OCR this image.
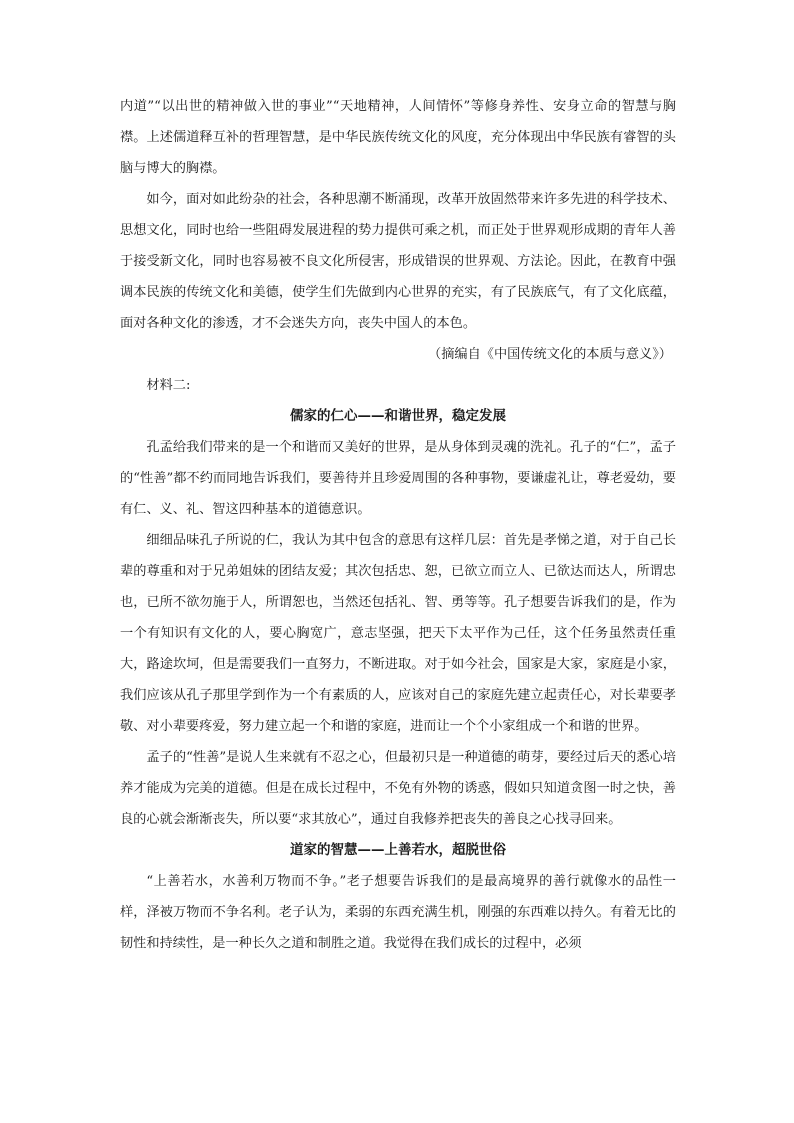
内道”“以出世的精神做入世的事业”“天地精神，人间情怀”等修身养性、安身立命的智慧与胸襟。上述儒道释互补的哲理智慧，是中华民族传统文化的风度，充分体现出中华民族有睿智的头脑与博大的胸襟。

如今，面对如此纷杂的社会，各种思潮不断涌现，改革开放固然带来许多先进的科学技术、思想文化，同时也给一些阻碍发展进程的势力提供可乘之机，而正处于世界观形成期的青年人善于接受新文化，同时也容易被不良文化所侵害，形成错误的世界观、方法论。因此，在教育中强调本民族的传统文化和美德，使学生们先做到内心世界的充实，有了民族底气，有了文化底蕴，面对各种文化的渗透，才不会迷失方向，丧失中国人的本色。

（摘编自《中国传统文化的本质与意义》）

材料二:

儒家的仁心——和谐世界，稳定发展

孔孟给我们带来的是一个和谐而又美好的世界，是从身体到灵魂的洗礼。孔子的“仁”，孟子的“性善”都不约而同地告诉我们，要善待并且珍爱周围的各种事物，要谦虚礼让，尊老爱幼，要有仁、义、礼、智这四种基本的道德意识。

细细品味孔子所说的仁，我认为其中包含的意思有这样几层：首先是孝悌之道，对于自己长辈的尊重和对于兄弟姐妹的团结友爱；其次包括忠、恕，已欲立而立人、已欲达而达人，所谓忠也，已所不欲勿施于人，所谓恕也，当然还包括礼、智、勇等等。孔子想要告诉我们的是，作为一个有知识有文化的人，要心胸宽广，意志坚强，把天下太平作为己任，这个任务虽然责任重大，路途坎坷，但是需要我们一直努力，不断进取。对于如今社会，国家是大家，家庭是小家，我们应该从孔子那里学到作为一个有素质的人，应该对自己的家庭先建立起责任心，对长辈要孝敬、对小辈要疼爱，努力建立起一个和谐的家庭，进而让一个个小家组成一个和谐的世界。

孟子的“性善”是说人生来就有不忍之心，但最初只是一种道德的萌芽，要经过后天的悉心培养才能成为完美的道德。但是在成长过程中，不免有外物的诱惑，假如只知道贪图一时之快，善良的心就会渐渐丧失，所以要“求其放心”，通过自我修养把丧失的善良之心找寻回来。

道家的智慧——上善若水，超脱世俗

“上善若水，水善利万物而不争。”老子想要告诉我们的是最高境界的善行就像水的品性一样，泽被万物而不争名利。老子认为，柔弱的东西充满生机，刚强的东西难以持久。有着无比的韧性和持续性，是一种长久之道和制胜之道。我觉得在我们成长的过程中，必须
